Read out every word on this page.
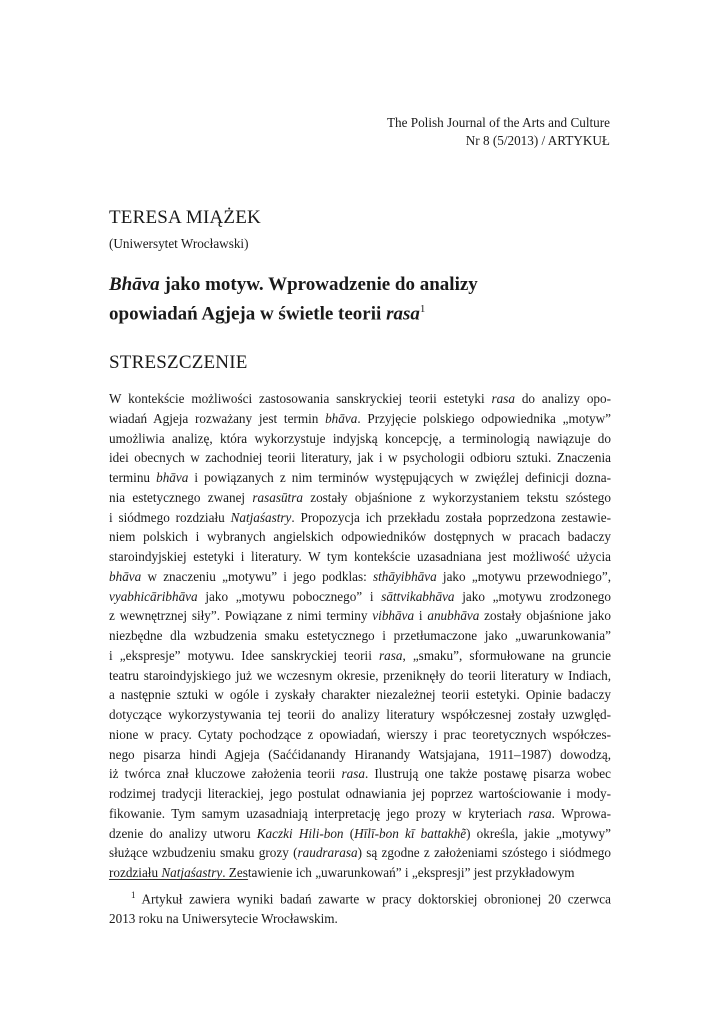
The Polish Journal of the Arts and Culture
Nr 8 (5/2013) / ARTYKUŁ
TERESA MIĄŻEK
(Uniwersytet Wrocławski)
Bhāva jako motyw. Wprowadzenie do analizy
opowiadań Agjeja w świetle teorii rasa$^1$
STRESZCZENIE
W kontekście możliwości zastosowania sanskryckiej teorii estetyki rasa do analizy opo-
wiadań Agjeja rozważany jest termin bhāva. Przyjęcie polskiego odpowiednika „motyw”
umożliwia analizę, która wykorzystuje indyjską koncepcję, a terminologią nawiązuje do
idei obecnych w zachodniej teorii literatury, jak i w psychologii odbioru sztuki. Znaczenia
terminu bhāva i powiązanych z nim terminów występujących w zwięźlej definicji dozna-
nia estetycznego zwanej rasasūtra zostały objaśnione z wykorzystaniem tekstu szóstego
i siódmego rozdziału Natjaśastry. Propozycja ich przekładu została poprzedzona zestawie-
niem polskich i wybranych angielskich odpowiedników dostępnych w pracach badaczy
staroindyjskiej estetyki i literatury. W tym kontekście uzasadniana jest możliwość użycia
bhāva w znaczeniu „motywu” i jego podklas: sthāyibhāva jako „motywu przewodniego”,
vyabhicāribhāva jako „motywu pobocznego” i sāttvikabhāva jako „motywu zrodzonego
z wewnętrznej siły”. Powiązane z nimi terminy vibhāva i anubhāva zostały objaśnione jako
niezbędne dla wzbudzenia smaku estetycznego i przetłumaczone jako „uwarunkowania”
i „ekspresje” motywu. Idee sanskryckiej teorii rasa, „smaku”, sformułowane na gruncie
teatru staroindyjskiego już we wczesnym okresie, przeniknęły do teorii literatury w Indiach,
a następnie sztuki w ogóle i zyskały charakter niezależnej teorii estetyki. Opinie badaczy
dotyczące wykorzystywania tej teorii do analizy literatury współczesnej zostały uzwględ-
nione w pracy. Cytaty pochodzące z opowiadań, wierszy i prac teoretycznych współczes-
nego pisarza hindi Agjeja (Saććidanandy Hiranandy Watsjajana, 1911–1987) dowodzą,
iż twórca znał kluczowe założenia teorii rasa. Ilustrują one także postawę pisarza wobec
rodzimej tradycji literackiej, jego postulat odnawiania jej poprzez wartościowanie i mody-
fikowanie. Tym samym uzasadniają interpretację jego prozy w kryteriach rasa. Wprowa-
dzenie do analizy utworu Kaczki Hili-bon (Hīlī-bon kī battakhẽ) określa, jakie „motywy”
służące wzbudzeniu smaku grozy (raudrarasa) są zgodne z założeniami szóstego i siódmego
rozdziału Natjaśastry. Zestawienie ich „uwarunkowań” i „ekspresji” jest przykładowym
$^1$ Artykuł zawiera wyniki badań zawarte w pracy doktorskiej obronionej 20 czerwca
2013 roku na Uniwersytecie Wrocławskim.
